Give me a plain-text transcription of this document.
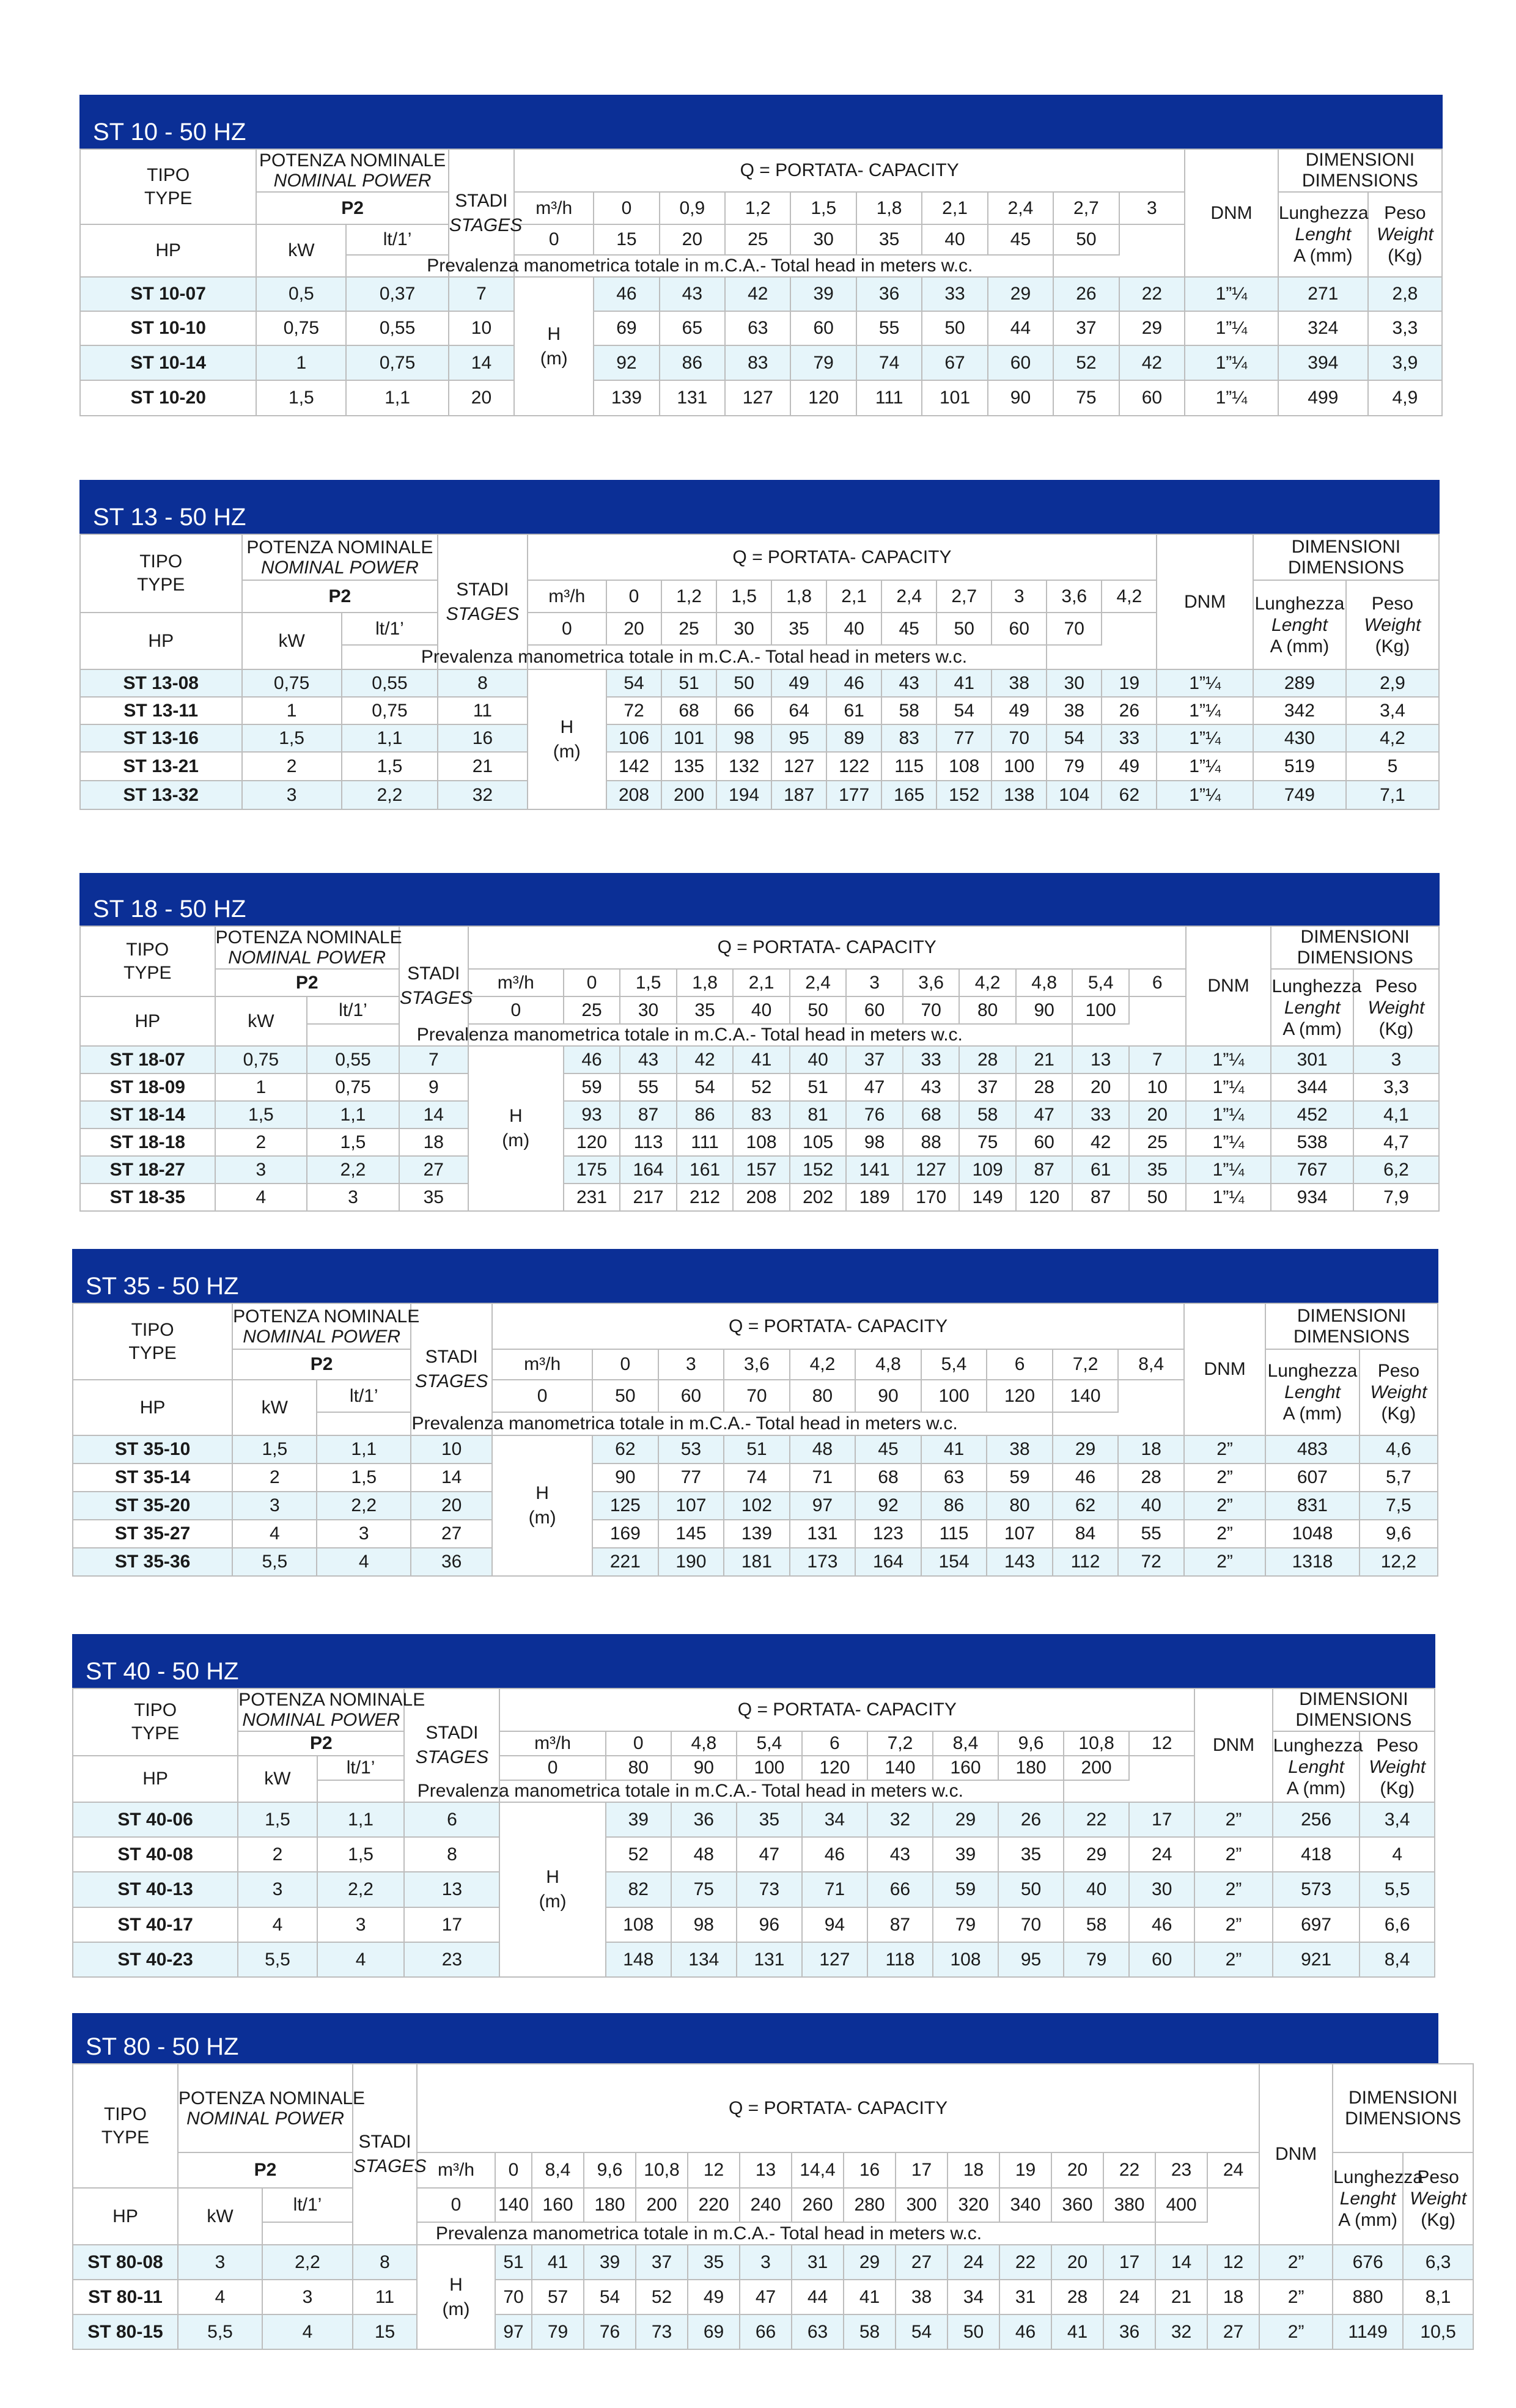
ST 10 - 50 HZ
TIPO
TYPE	POTENZA NOMINALE
NOMINAL POWER		STADI
STAGES	Q = PORTATA- CAPACITY										DNM	DIMENSIONI
DIMENSIONS	
	P2			m³/h	0	0,9	1,2	1,5	1,8	2,1	2,4	2,7	3		Lunghezza
Lenght
A (mm)	Peso
Weight
(Kg)
HP	kW	lt/1’		0	15	20	25	30	35	40	45	50				
		Prevalenza manometrica totale in m.C.A.- Total head in meters w.c.														
ST 10-07	0,5	0,37	7	H
(m)	46	43	42	39	36	33	29	26	22	1”¼	271	2,8
ST 10-10	0,75	0,55	10		69	65	63	60	55	50	44	37	29	1”¼	324	3,3
ST 10-14	1	0,75	14		92	86	83	79	74	67	60	52	42	1”¼	394	3,9
ST 10-20	1,5	1,1	20		139	131	127	120	111	101	90	75	60	1”¼	499	4,9
ST 13 - 50 HZ
TIPO
TYPE	POTENZA NOMINALE
NOMINAL POWER		STADI
STAGES	Q = PORTATA- CAPACITY											DNM	DIMENSIONI
DIMENSIONS	
	P2			m³/h	0	1,2	1,5	1,8	2,1	2,4	2,7	3	3,6	4,2		Lunghezza
Lenght
A (mm)	Peso
Weight
(Kg)
HP	kW	lt/1’		0	20	25	30	35	40	45	50	60	70				
		Prevalenza manometrica totale in m.C.A.- Total head in meters w.c.															
ST 13-08	0,75	0,55	8	H
(m)	54	51	50	49	46	43	41	38	30	19	1”¼	289	2,9
ST 13-11	1	0,75	11		72	68	66	64	61	58	54	49	38	26	1”¼	342	3,4
ST 13-16	1,5	1,1	16		106	101	98	95	89	83	77	70	54	33	1”¼	430	4,2
ST 13-21	2	1,5	21		142	135	132	127	122	115	108	100	79	49	1”¼	519	5
ST 13-32	3	2,2	32		208	200	194	187	177	165	152	138	104	62	1”¼	749	7,1
ST 18 - 50 HZ
TIPO
TYPE	POTENZA NOMINALE
NOMINAL POWER		STADI
STAGES	Q = PORTATA- CAPACITY												DNM	DIMENSIONI
DIMENSIONS	
	P2			m³/h	0	1,5	1,8	2,1	2,4	3	3,6	4,2	4,8	5,4	6		Lunghezza
Lenght
A (mm)	Peso
Weight
(Kg)
HP	kW	lt/1’		0	25	30	35	40	50	60	70	80	90	100				
		Prevalenza manometrica totale in m.C.A.- Total head in meters w.c.																
ST 18-07	0,75	0,55	7	H
(m)	46	43	42	41	40	37	33	28	21	13	7	1”¼	301	3
ST 18-09	1	0,75	9		59	55	54	52	51	47	43	37	28	20	10	1”¼	344	3,3
ST 18-14	1,5	1,1	14		93	87	86	83	81	76	68	58	47	33	20	1”¼	452	4,1
ST 18-18	2	1,5	18		120	113	111	108	105	98	88	75	60	42	25	1”¼	538	4,7
ST 18-27	3	2,2	27		175	164	161	157	152	141	127	109	87	61	35	1”¼	767	6,2
ST 18-35	4	3	35		231	217	212	208	202	189	170	149	120	87	50	1”¼	934	7,9
ST 35 - 50 HZ
TIPO
TYPE	POTENZA NOMINALE
NOMINAL POWER		STADI
STAGES	Q = PORTATA- CAPACITY										DNM	DIMENSIONI
DIMENSIONS	
	P2			m³/h	0	3	3,6	4,2	4,8	5,4	6	7,2	8,4		Lunghezza
Lenght
A (mm)	Peso
Weight
(Kg)
HP	kW	lt/1’		0	50	60	70	80	90	100	120	140				
		Prevalenza manometrica totale in m.C.A.- Total head in meters w.c.														
ST 35-10	1,5	1,1	10	H
(m)	62	53	51	48	45	41	38	29	18	2”	483	4,6
ST 35-14	2	1,5	14		90	77	74	71	68	63	59	46	28	2”	607	5,7
ST 35-20	3	2,2	20		125	107	102	97	92	86	80	62	40	2”	831	7,5
ST 35-27	4	3	27		169	145	139	131	123	115	107	84	55	2”	1048	9,6
ST 35-36	5,5	4	36		221	190	181	173	164	154	143	112	72	2”	1318	12,2
ST 40 - 50 HZ
TIPO
TYPE	POTENZA NOMINALE
NOMINAL POWER		STADI
STAGES	Q = PORTATA- CAPACITY										DNM	DIMENSIONI
DIMENSIONS	
	P2			m³/h	0	4,8	5,4	6	7,2	8,4	9,6	10,8	12		Lunghezza
Lenght
A (mm)	Peso
Weight
(Kg)
HP	kW	lt/1’		0	80	90	100	120	140	160	180	200				
		Prevalenza manometrica totale in m.C.A.- Total head in meters w.c.														
ST 40-06	1,5	1,1	6	H
(m)	39	36	35	34	32	29	26	22	17	2”	256	3,4
ST 40-08	2	1,5	8		52	48	47	46	43	39	35	29	24	2”	418	4
ST 40-13	3	2,2	13		82	75	73	71	66	59	50	40	30	2”	573	5,5
ST 40-17	4	3	17		108	98	96	94	87	79	70	58	46	2”	697	6,6
ST 40-23	5,5	4	23		148	134	131	127	118	108	95	79	60	2”	921	8,4
ST 80 - 50 HZ
TIPO
TYPE	POTENZA NOMINALE
NOMINAL POWER		STADI
STAGES	Q = PORTATA- CAPACITY																DNM	DIMENSIONI
DIMENSIONS	
	P2			m³/h	0	8,4	9,6	10,8	12	13	14,4	16	17	18	19	20	22	23	24		Lunghezza
Lenght
A (mm)	Peso
Weight
(Kg)
HP	kW	lt/1’		0	140	160	180	200	220	240	260	280	300	320	340	360	380	400				
		Prevalenza manometrica totale in m.C.A.- Total head in meters w.c.																				
ST 80-08	3	2,2	8	H
(m)	51	41	39	37	35	3	31	29	27	24	22	20	17	14	12	2”	676	6,3
ST 80-11	4	3	11		70	57	54	52	49	47	44	41	38	34	31	28	24	21	18	2”	880	8,1
ST 80-15	5,5	4	15		97	79	76	73	69	66	63	58	54	50	46	41	36	32	27	2”	1149	10,5
